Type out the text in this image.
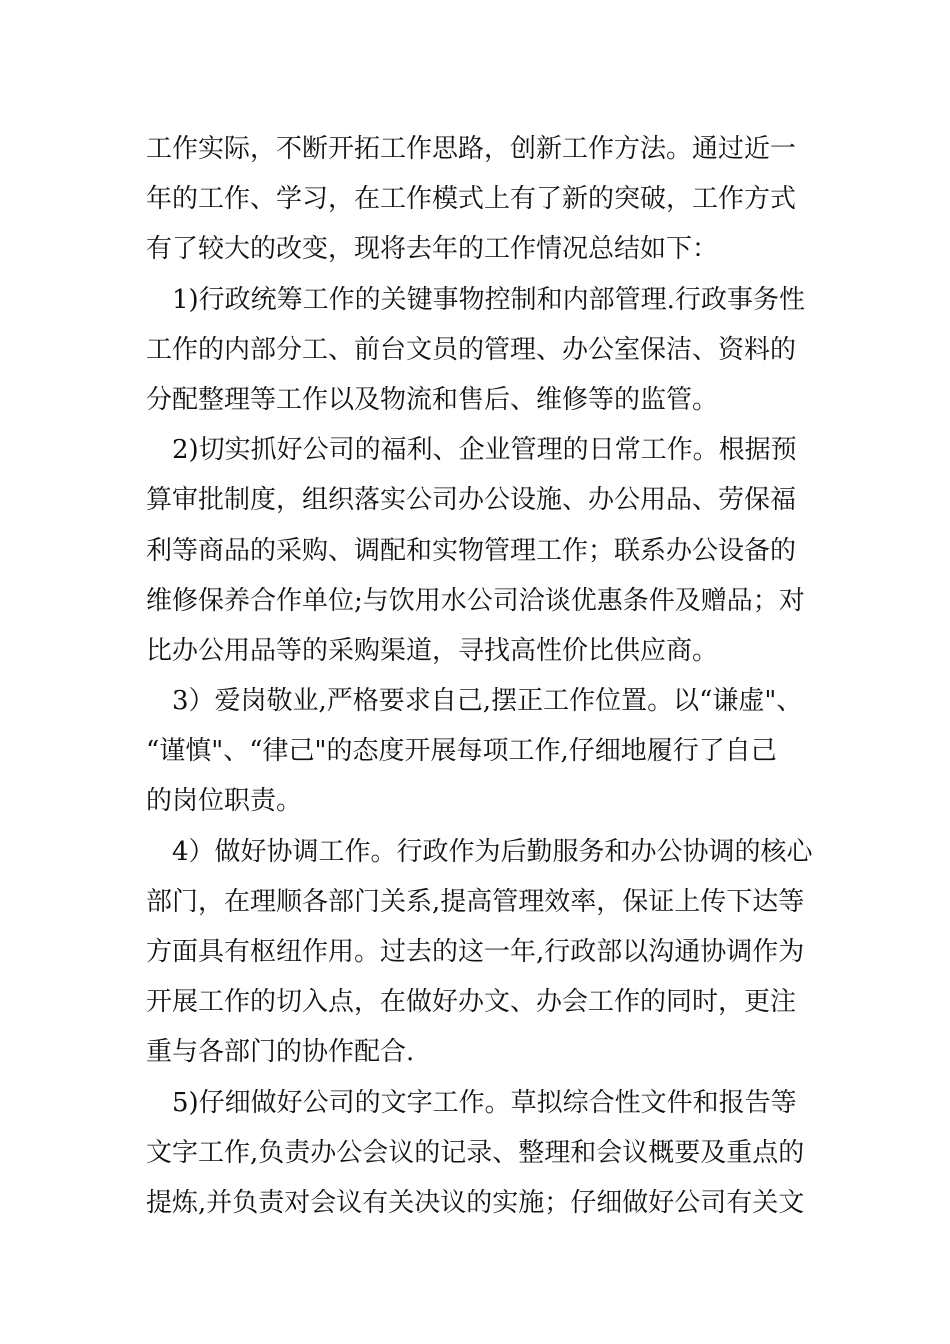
工作实际，不断开拓工作思路，创新工作方法。通过近一
年的工作、学习，在工作模式上有了新的突破，工作方式
有了较大的改变，现将去年的工作情况总结如下：
1)行政统筹工作的关键事物控制和内部管理.行政事务性
工作的内部分工、前台文员的管理、办公室保洁、资料的
分配整理等工作以及物流和售后、维修等的监管。
2)切实抓好公司的福利、企业管理的日常工作。根据预
算审批制度，组织落实公司办公设施、办公用品、劳保福
利等商品的采购、调配和实物管理工作；联系办公设备的
维修保养合作单位;与饮用水公司洽谈优惠条件及赠品；对
比办公用品等的采购渠道，寻找高性价比供应商。
3）爱岗敬业,严格要求自己,摆正工作位置。以“谦虚"、
“谨慎"、“律己"的态度开展每项工作,仔细地履行了自己
的岗位职责。
4）做好协调工作。行政作为后勤服务和办公协调的核心
部门，在理顺各部门关系,提高管理效率，保证上传下达等
方面具有枢纽作用。过去的这一年,行政部以沟通协调作为
开展工作的切入点，在做好办文、办会工作的同时，更注
重与各部门的协作配合.
5)仔细做好公司的文字工作。草拟综合性文件和报告等
文字工作,负责办公会议的记录、整理和会议概要及重点的
提炼,并负责对会议有关决议的实施；仔细做好公司有关文
